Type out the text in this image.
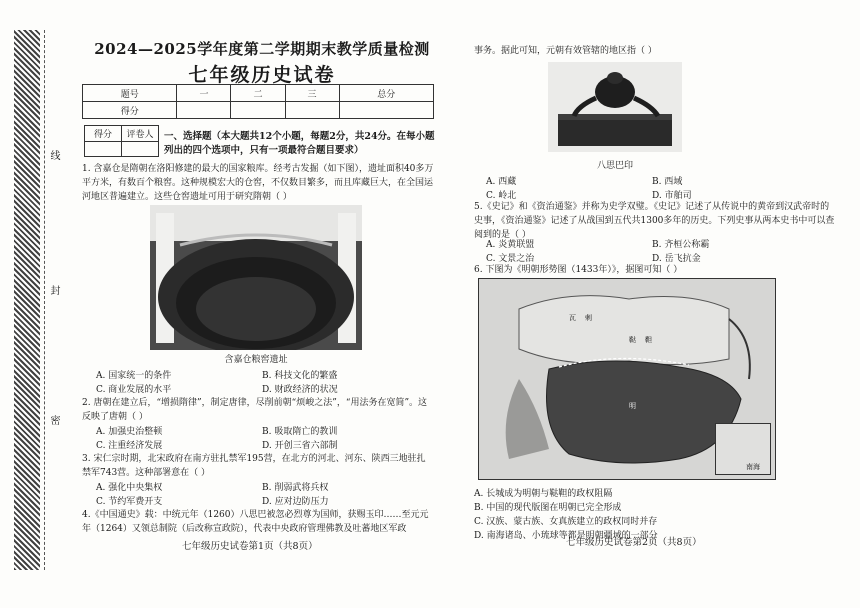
线
封
密
2024—2025学年度第二学期期末教学质量检测
七年级历史试卷
题号	一	二	三	总分
得分				
得分	评卷人
	一、选择题（本大题共12个小题，每题2分，共24分。在每小题列出的四个选项中，只有一项最符合题目要求）
1. 含嘉仓是隋朝在洛阳修建的最大的国家粮库。经考古发掘（如下图），遗址面积40多万平方米，有数百个粮窖。这种规模宏大的仓窖，不仅数目繁多，而且库藏巨大，在全国运河地区普遍建立。这些仓窖遗址可用于研究隋朝（ ）
含嘉仓粮窖遗址
A. 国家统一的条件	B. 科技文化的繁盛
C. 商业发展的水平	D. 财政经济的状况
2. 唐朝在建立后，“增损隋律”，制定唐律，尽削前朝“烦峻之法”，“用法务在宽简”。这反映了唐朝（ ）
A. 加强史治整顿	B. 吸取隋亡的教训
C. 注重经济发展	D. 开创三省六部制
3. 宋仁宗时期，北宋政府在南方驻扎禁军195营，在北方的河北、河东、陕西三地驻扎禁军743营。这种部署意在（ ）
A. 强化中央集权	B. 削弱武将兵权
C. 节约军费开支	D. 应对边防压力
4.《中国通史》载：中统元年（1260）八思巴被忽必烈尊为国师，获赐玉印……至元元年（1264）又领总制院（后改称宣政院），代表中央政府管理佛教及吐蕃地区军政
七年级历史试卷第1页（共8页）
事务。据此可知，元朝有效管辖的地区指（ ）
八思巴印
A. 西藏	B. 西域
C. 岭北	D. 市舶司
5.《史记》和《资治通鉴》并称为史学双璧。《史记》记述了从传说中的黄帝到汉武帝时的史事，《资治通鉴》记述了从战国到五代共1300多年的历史。下列史事从两本史书中可以查阅到的是（ ）
A. 炎黄联盟	B. 齐桓公称霸
C. 文景之治	D. 岳飞抗金
6. 下图为《明朝形势图（1433年）》，据图可知（ ）
瓦 剌
鞑 靼
明
南海
A. 长城成为明朝与鞑靼的政权阻隔
B. 中国的现代版图在明朝已完全形成
C. 汉族、蒙古族、女真族建立的政权同时并存
D. 南海诸岛、小琉球等都是明朝疆域的一部分
七年级历史试卷第2页（共8页）
